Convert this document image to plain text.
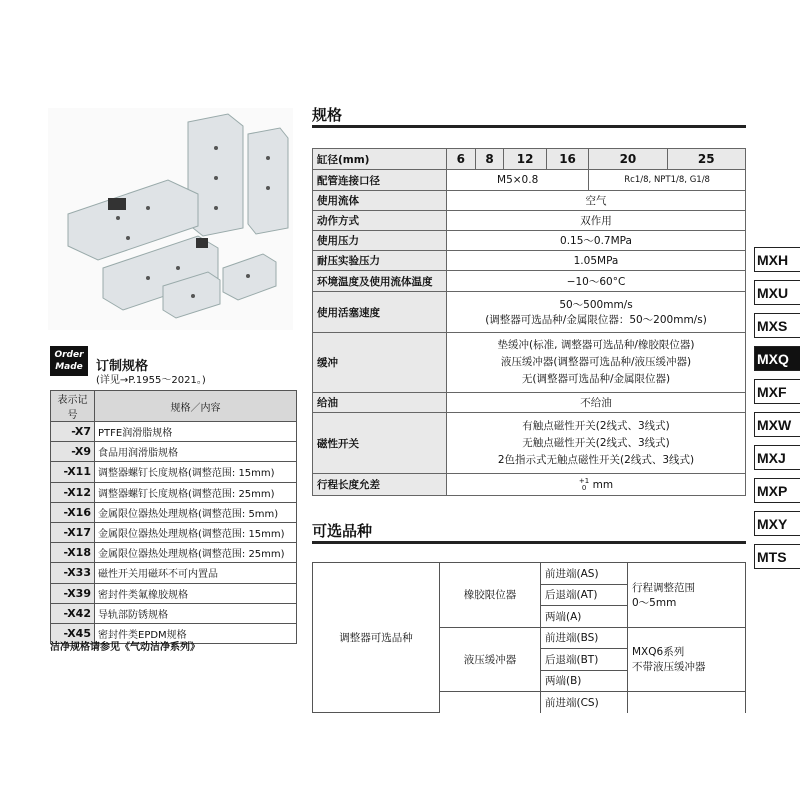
Order
Made	订制规格
(详见→P.1955～2021。)
表示记号	规格／内容
-X7	PTFE润滑脂规格
-X9	食品用润滑脂规格
-X11	调整器螺钉长度规格(调整范围: 15mm)
-X12	调整器螺钉长度规格(调整范围: 25mm)
-X16	金属限位器热处理规格(调整范围: 5mm)
-X17	金属限位器热处理规格(调整范围: 15mm)
-X18	金属限位器热处理规格(调整范围: 25mm)
-X33	磁性开关用磁环不可内置品
-X39	密封件类氟橡胶规格
-X42	导轨部防锈规格
-X45	密封件类EPDM规格
洁净规格请参见《气动洁净系列》
规格
缸径(mm)	6	8	12	16	20	25
配管连接口径	M5×0.8				Rc1/8, NPT1/8, G1/8	
使用流体	空气					
动作方式	双作用					
使用压力	0.15～0.7MPa					
耐压实验压力	1.05MPa					
环境温度及使用流体温度	−10～60°C					
使用活塞速度	50～500mm/s
(调整器可选品种/金属限位器：50～200mm/s)					

缓冲	垫缓冲(标准, 调整器可选品种/橡胶限位器)
液压缓冲器(调整器可选品种/液压缓冲器)
无(调整器可选品种/金属限位器)					

给油	不给油					
磁性开关	有触点磁性开关(2线式、3线式)
无触点磁性开关(2线式、3线式)
2色指示式无触点磁性开关(2线式、3线式)					

行程长度允差	+1
0 mm					
可选品种
调整器可选品种	橡胶限位器	前进端(AS)	行程调整范围
0～5mm

		后退端(AT)	
		两端(A)	
	液压缓冲器	前进端(BS)	MXQ6系列
不带液压缓冲器

		后退端(BT)	
		两端(B)	
		前进端(CS)	
MXH
MXU
MXS
MXQ
MXF
MXW
MXJ
MXP
MXY
MTS
